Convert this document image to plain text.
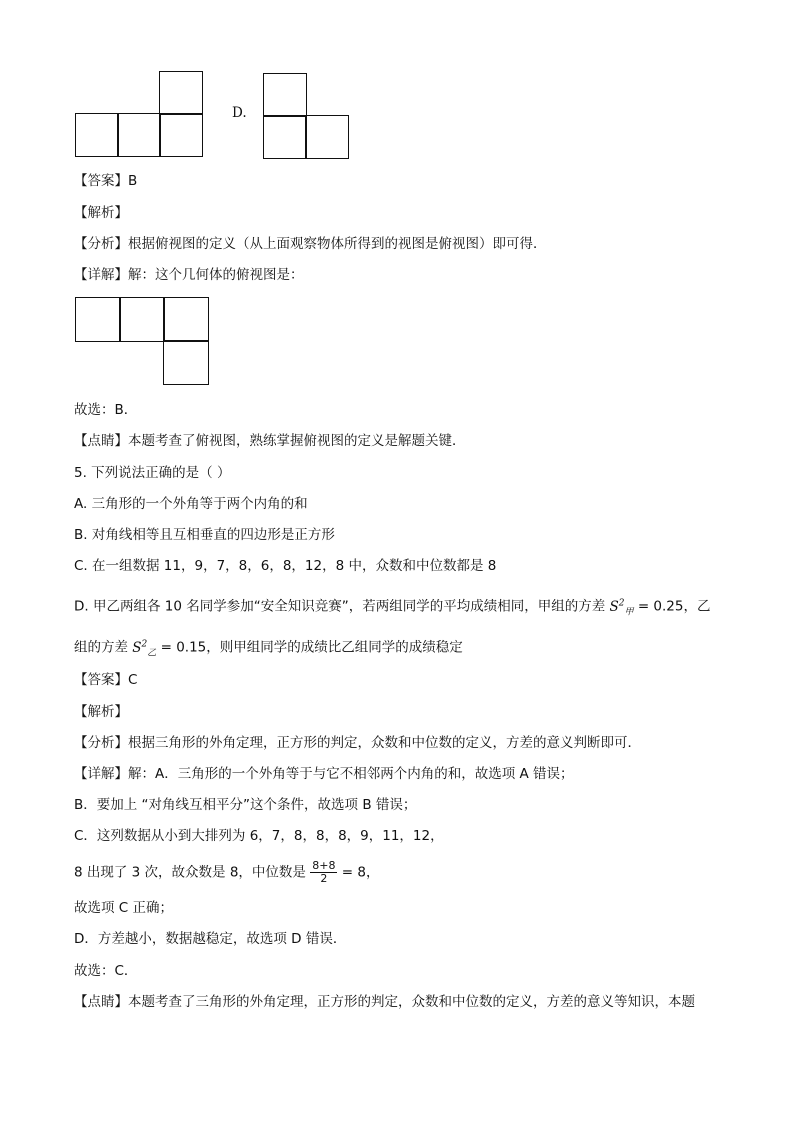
D.
【答案】B
【解析】
【分析】根据俯视图的定义（从上面观察物体所得到的视图是俯视图）即可得．
【详解】解：这个几何体的俯视图是：
故选：B．
【点睛】本题考查了俯视图，熟练掌握俯视图的定义是解题关键．
5. 下列说法正确的是（ ）
A. 三角形的一个外角等于两个内角的和
B. 对角线相等且互相垂直的四边形是正方形
C. 在一组数据 11，9，7，8，6，8，12，8 中，众数和中位数都是 8
D. 甲乙两组各 10 名同学参加“安全知识竞赛”，若两组同学的平均成绩相同，甲组的方差 $S^2_甲 = 0.25$，乙
组的方差 $S^2_乙 = 0.15$，则甲组同学的成绩比乙组同学的成绩稳定
【答案】C
【解析】
【分析】根据三角形的外角定理，正方形的判定，众数和中位数的定义，方差的意义判断即可．
【详解】解：A．三角形的一个外角等于与它不相邻两个内角的和，故选项 A 错误；
B．要加上 “对角线互相平分”这个条件，故选项 B 错误；
C．这列数据从小到大排列为 6，7，8，8，8，9，11，12，
8 出现了 3 次，故众数是 8，中位数是 $\frac{8+8}{2} = 8$，
故选项 C 正确；
D．方差越小，数据越稳定，故选项 D 错误．
故选：C．
【点睛】本题考查了三角形的外角定理，正方形的判定，众数和中位数的定义，方差的意义等知识，本题
